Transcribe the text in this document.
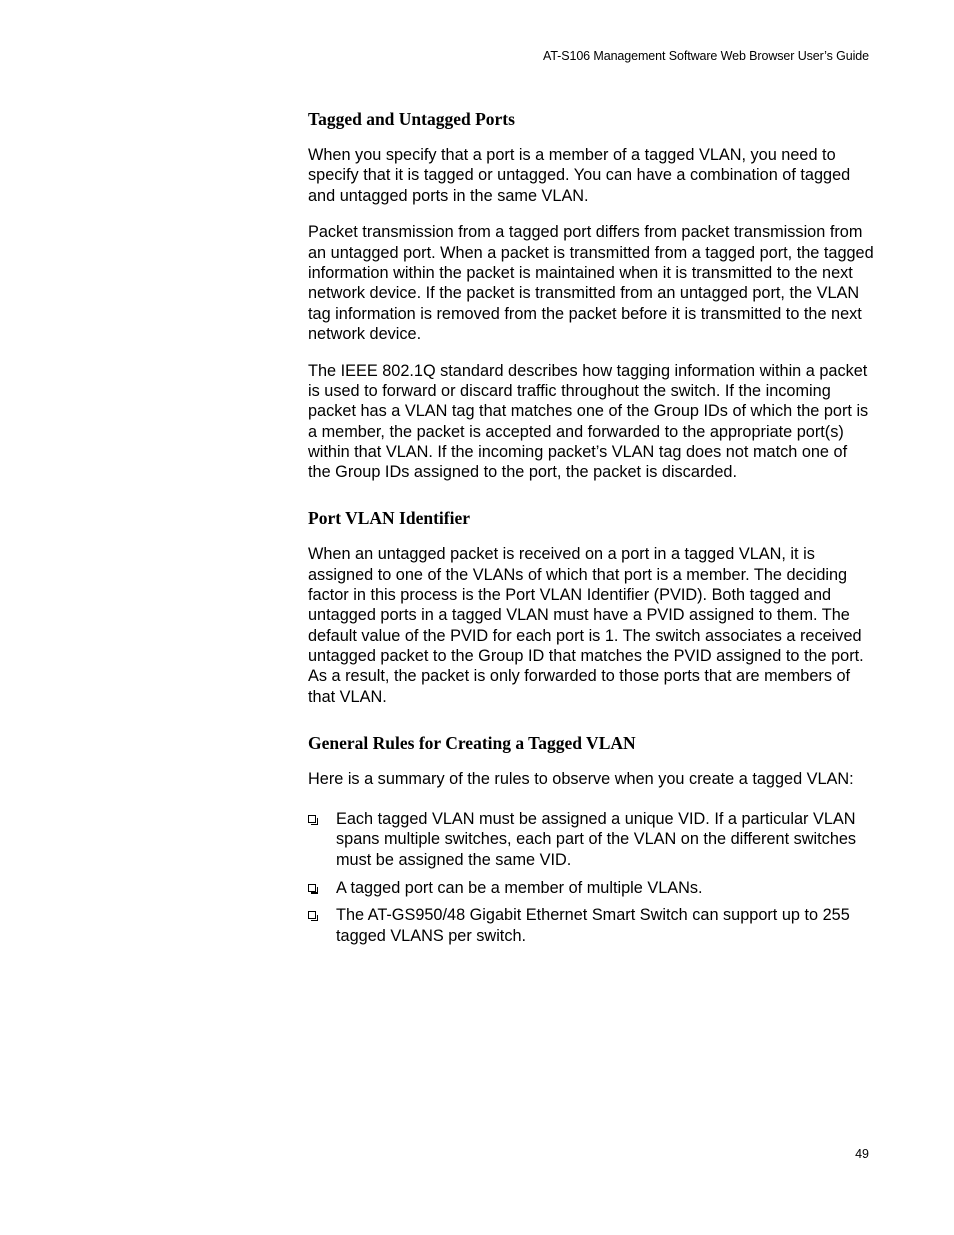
AT-S106 Management Software Web Browser User’s Guide
Tagged and Untagged Ports

When you specify that a port is a member of a tagged VLAN, you need to specify that it is tagged or untagged. You can have a combination of tagged and untagged ports in the same VLAN.

Packet transmission from a tagged port differs from packet transmission from an untagged port. When a packet is transmitted from a tagged port, the tagged information within the packet is maintained when it is transmitted to the next network device. If the packet is transmitted from an untagged port, the VLAN tag information is removed from the packet before it is transmitted to the next network device.

The IEEE 802.1Q standard describes how tagging information within a packet is used to forward or discard traffic throughout the switch. If the incoming packet has a VLAN tag that matches one of the Group IDs of which the port is a member, the packet is accepted and forwarded to the appropriate port(s) within that VLAN. If the incoming packet’s VLAN tag does not match one of the Group IDs assigned to the port, the packet is discarded.

Port VLAN Identifier

When an untagged packet is received on a port in a tagged VLAN, it is assigned to one of the VLANs of which that port is a member. The deciding factor in this process is the Port VLAN Identifier (PVID). Both tagged and untagged ports in a tagged VLAN must have a PVID assigned to them. The default value of the PVID for each port is 1. The switch associates a received untagged packet to the Group ID that matches the PVID assigned to the port. As a result, the packet is only forwarded to those ports that are members of that VLAN.

General Rules for Creating a Tagged VLAN

Here is a summary of the rules to observe when you create a tagged VLAN:

Each tagged VLAN must be assigned a unique VID. If a particular VLAN spans multiple switches, each part of the VLAN on the different switches must be assigned the same VID.
A tagged port can be a member of multiple VLANs.
The AT-GS950/48 Gigabit Ethernet Smart Switch can support up to 255 tagged VLANS per switch.
49
